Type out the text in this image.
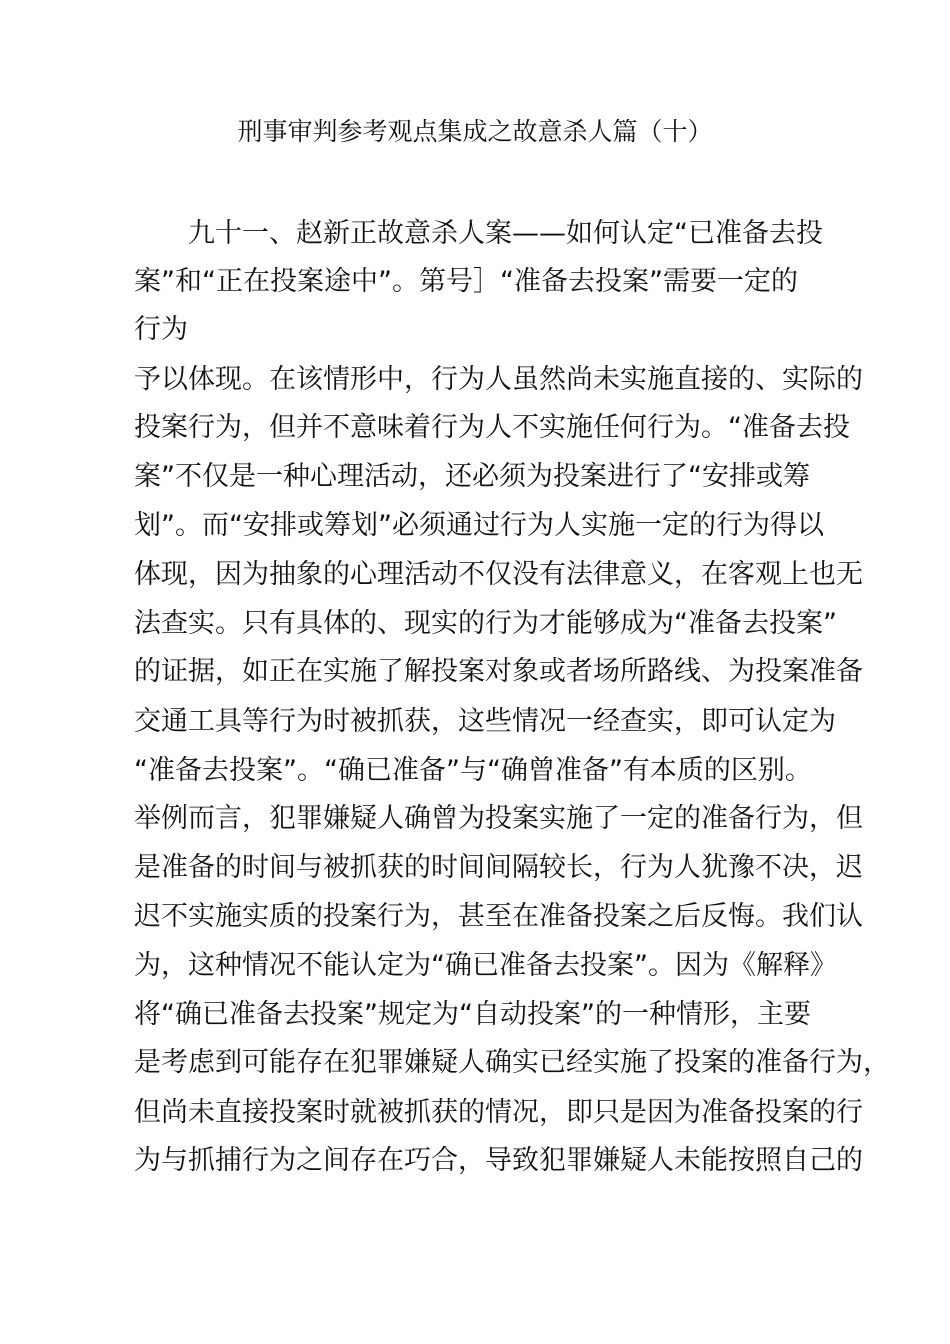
刑事审判参考观点集成之故意杀人篇（十）
　　九十一、赵新正故意杀人案——如何认定“已准备去投
案”和“正在投案途中”。第号］“准备去投案”需要一定的
行为
予以体现。在该情形中，行为人虽然尚未实施直接的、实际的
投案行为，但并不意味着行为人不实施任何行为。“准备去投
案”不仅是一种心理活动，还必须为投案进行了“安排或筹
划”。而“安排或筹划”必须通过行为人实施一定的行为得以
体现，因为抽象的心理活动不仅没有法律意义，在客观上也无
法查实。只有具体的、现实的行为才能够成为“准备去投案”
的证据，如正在实施了解投案对象或者场所路线、为投案准备
交通工具等行为时被抓获，这些情况一经查实，即可认定为
“准备去投案”。“确已准备”与“确曾准备”有本质的区别。
举例而言，犯罪嫌疑人确曾为投案实施了一定的准备行为，但
是准备的时间与被抓获的时间间隔较长，行为人犹豫不决，迟
迟不实施实质的投案行为，甚至在准备投案之后反悔。我们认
为，这种情况不能认定为“确已准备去投案”。因为《解释》
将“确已准备去投案”规定为“自动投案”的一种情形，主要
是考虑到可能存在犯罪嫌疑人确实已经实施了投案的准备行为，
但尚未直接投案时就被抓获的情况，即只是因为准备投案的行
为与抓捕行为之间存在巧合，导致犯罪嫌疑人未能按照自己的
